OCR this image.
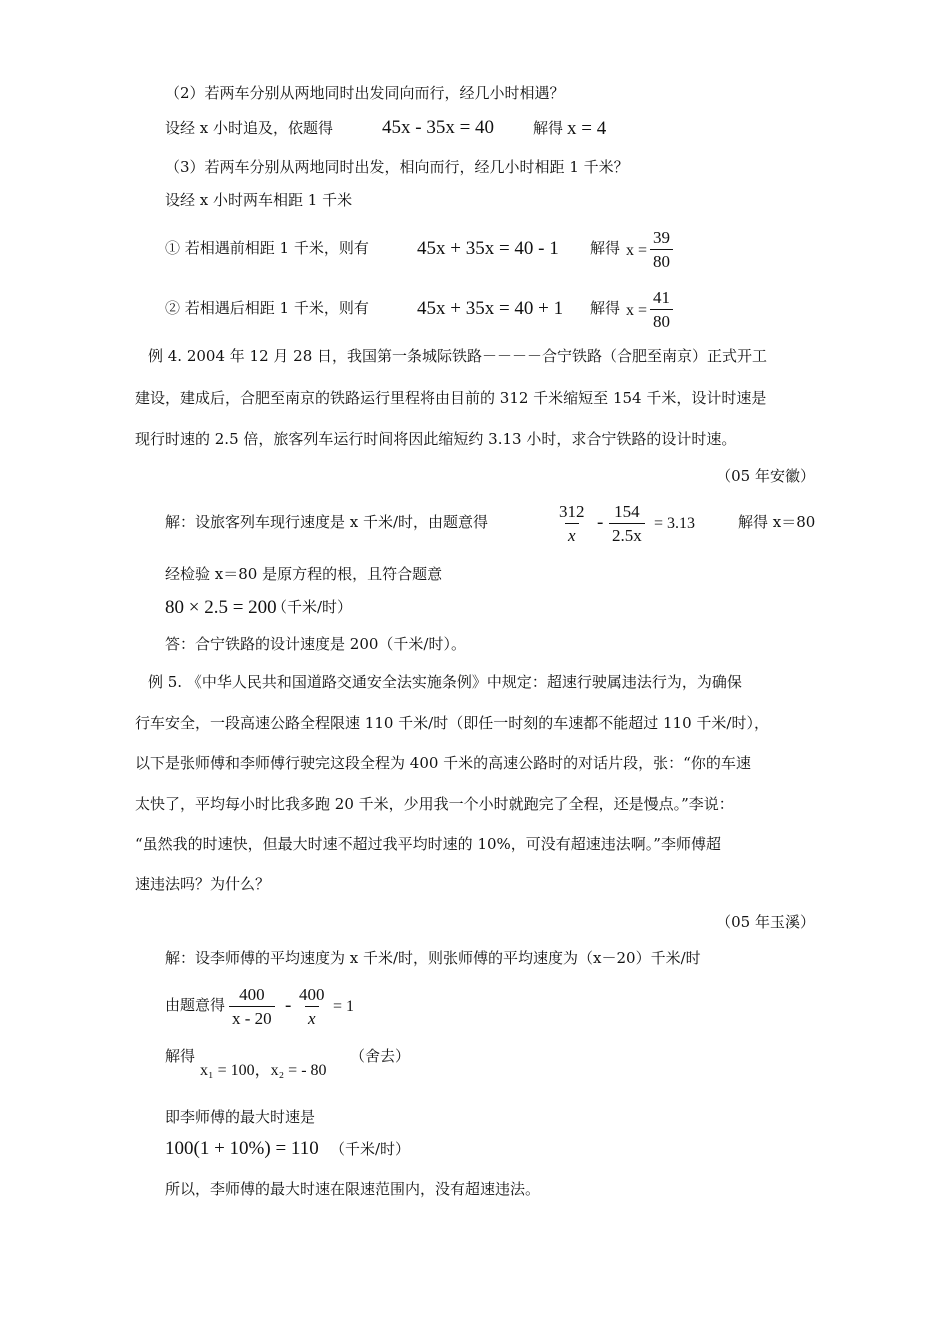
（2）若两车分别从两地同时出发同向而行，经几小时相遇？
设经 x 小时追及，依题得	45x - 35x = 40	解得 x = 4
（3）若两车分别从两地同时出发，相向而行，经几小时相距 1 千米？
设经 x 小时两车相距 1 千米
① 若相遇前相距 1 千米，则有	45x + 35x = 40 - 1 解得 $x = \frac{39}{80}$
② 若相遇后相距 1 千米，则有	45x + 35x = 40 + 1 解得 $x = \frac{41}{80}$
例 4. 2004 年 12 月 28 日，我国第一条城际铁路－－－－合宁铁路（合肥至南京）正式开工
建设，建成后，合肥至南京的铁路运行里程将由目前的 312 千米缩短至 154 千米，设计时速是
现行时速的 2.5 倍，旅客列车运行时间将因此缩短约 3.13 小时，求合宁铁路的设计时速。
（05 年安徽）
解：设旅客列车现行速度是 x 千米/时，由题意得	$\frac{312}{x} - \frac{154}{2.5x} = 3.13$	解得 x＝80
经检验 x＝80 是原方程的根，且符合题意
80 × 2.5 = 200
（千米/时）
答：合宁铁路的设计速度是 200（千米/时）。
例 5. 《中华人民共和国道路交通安全法实施条例》中规定：超速行驶属违法行为，为确保
行车安全，一段高速公路全程限速 110 千米/时（即任一时刻的车速都不能超过 110 千米/时），
以下是张师傅和李师傅行驶完这段全程为 400 千米的高速公路时的对话片段，张：“你的车速
太快了，平均每小时比我多跑 20 千米，少用我一个小时就跑完了全程，还是慢点。”李说：
“虽然我的时速快，但最大时速不超过我平均时速的 10%，可没有超速违法啊。”李师傅超
速违法吗？为什么？
（05 年玉溪）
解：设李师傅的平均速度为 x 千米/时，则张师傅的平均速度为（x－20）千米/时
由题意得 $\frac{400}{x - 20} - \frac{400}{x} = 1$
解得
x₁ = 100，x₂ = - 80
（舍去）
即李师傅的最大时速是
100(1 + 10%) = 110 （千米/时）
所以，李师傅的最大时速在限速范围内，没有超速违法。
